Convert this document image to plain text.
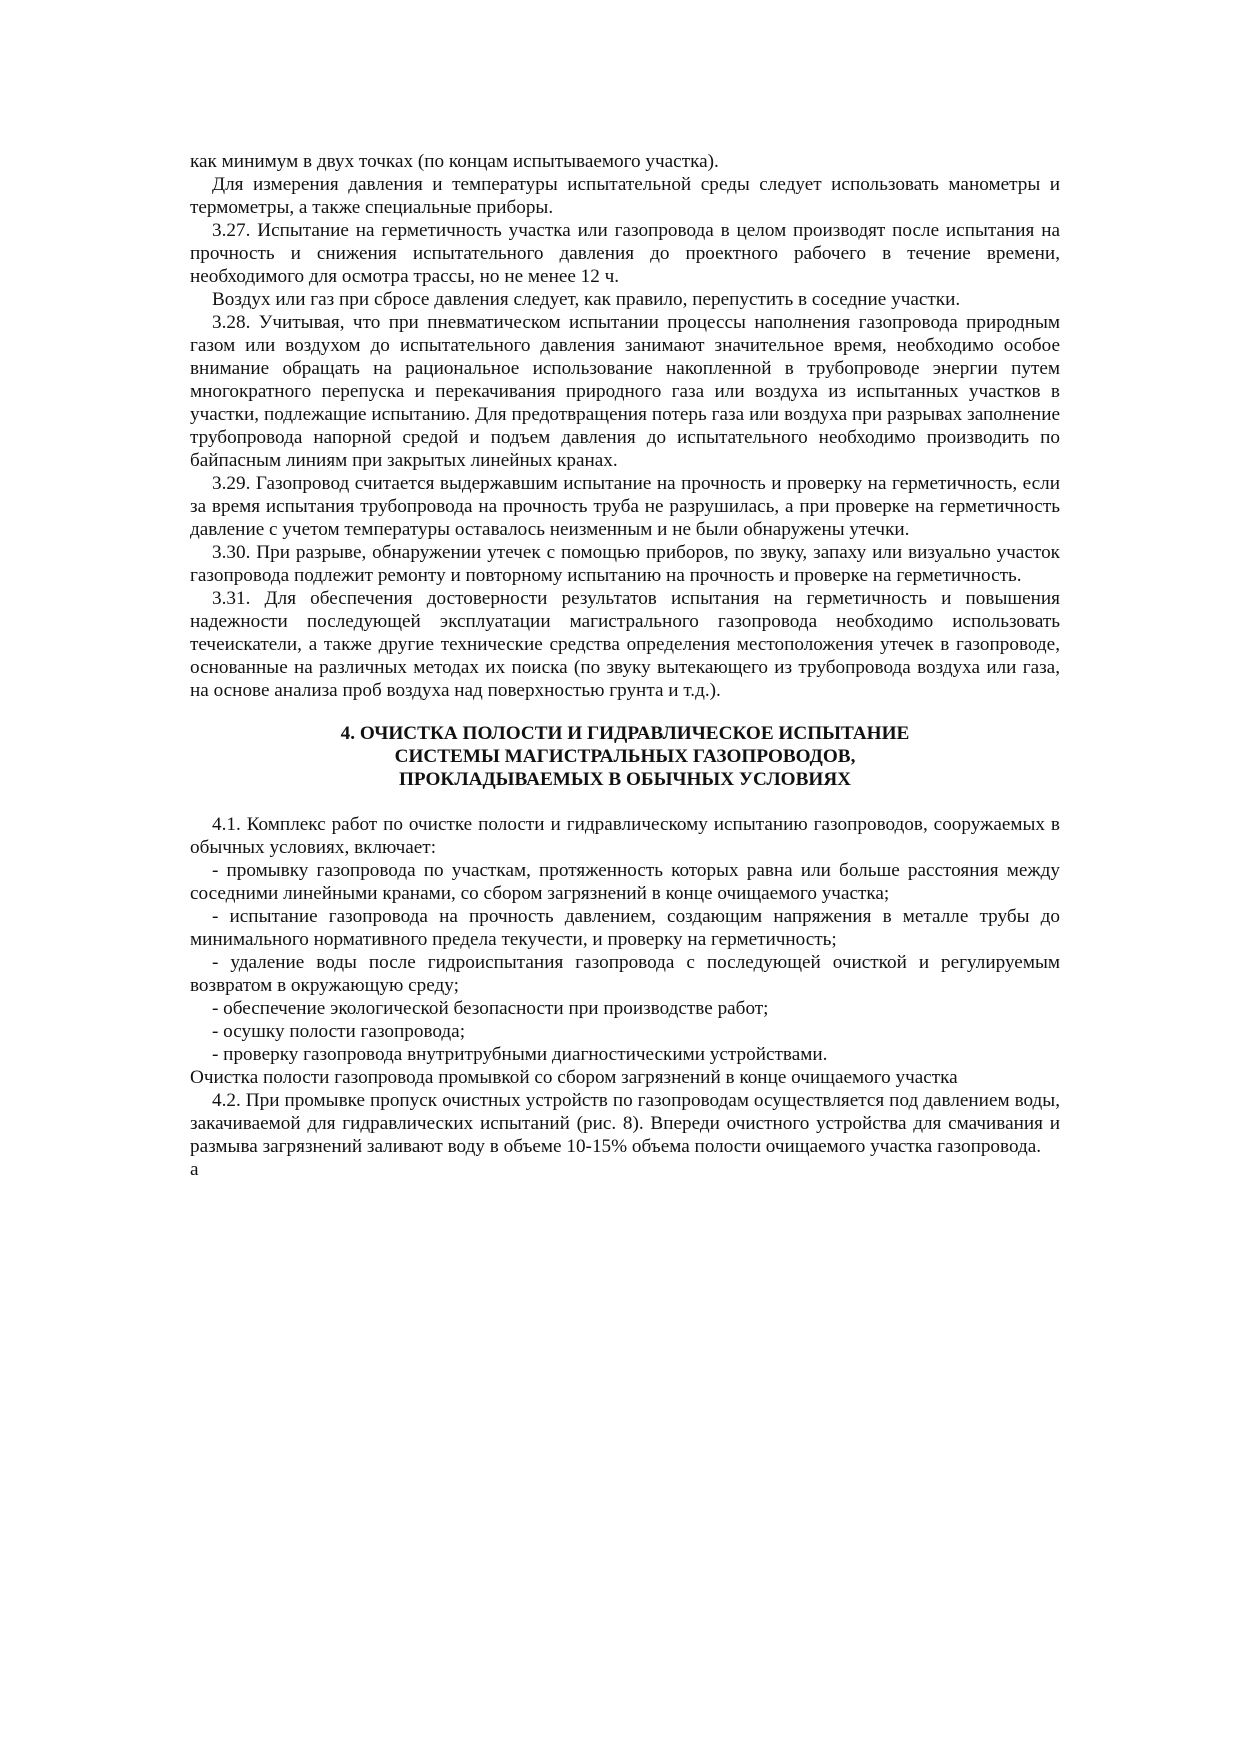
как минимум в двух точках (по концам испытываемого участка).

Для измерения давления и температуры испытательной среды следует использовать манометры и термометры, а также специальные приборы.

3.27. Испытание на герметичность участка или газопровода в целом производят после испытания на прочность и снижения испытательного давления до проектного рабочего в течение времени, необходимого для осмотра трассы, но не менее 12 ч.

Воздух или газ при сбросе давления следует, как правило, перепустить в соседние участки.

3.28. Учитывая, что при пневматическом испытании процессы наполнения газопровода природным газом или воздухом до испытательного давления занимают значительное время, необходимо особое внимание обращать на рациональное использование накопленной в трубопроводе энергии путем многократного перепуска и перекачивания природного газа или воздуха из испытанных участков в участки, подлежащие испытанию. Для предотвращения потерь газа или воздуха при разрывах заполнение трубопровода напорной средой и подъем давления до испытательного необходимо производить по байпасным линиям при закрытых линейных кранах.

3.29. Газопровод считается выдержавшим испытание на прочность и проверку на герметичность, если за время испытания трубопровода на прочность труба не разрушилась, а при проверке на герметичность давление с учетом температуры оставалось неизменным и не были обнаружены утечки.

3.30. При разрыве, обнаружении утечек с помощью приборов, по звуку, запаху или визуально участок газопровода подлежит ремонту и повторному испытанию на прочность и проверке на герметичность.

3.31. Для обеспечения достоверности результатов испытания на герметичность и повышения надежности последующей эксплуатации магистрального газопровода необходимо использовать течеискатели, а также другие технические средства определения местоположения утечек в газопроводе, основанные на различных методах их поиска (по звуку вытекающего из трубопровода воздуха или газа, на основе анализа проб воздуха над поверхностью грунта и т.д.).

4. ОЧИСТКА ПОЛОСТИ И ГИДРАВЛИЧЕСКОЕ ИСПЫТАНИЕ
СИСТЕМЫ МАГИСТРАЛЬНЫХ ГАЗОПРОВОДОВ,
ПРОКЛАДЫВАЕМЫХ В ОБЫЧНЫХ УСЛОВИЯХ

4.1. Комплекс работ по очистке полости и гидравлическому испытанию газопроводов, сооружаемых в обычных условиях, включает:

- промывку газопровода по участкам, протяженность которых равна или больше расстояния между соседними линейными кранами, со сбором загрязнений в конце очищаемого участка;

- испытание газопровода на прочность давлением, создающим напряжения в металле трубы до минимального нормативного предела текучести, и проверку на герметичность;

- удаление воды после гидроиспытания газопровода с последующей очисткой и регулируемым возвратом в окружающую среду;

- обеспечение экологической безопасности при производстве работ;

- осушку полости газопровода;

- проверку газопровода внутритрубными диагностическими устройствами.

Очистка полости газопровода промывкой со сбором загрязнений в конце очищаемого участка

4.2. При промывке пропуск очистных устройств по газопроводам осуществляется под давлением воды, закачиваемой для гидравлических испытаний (рис. 8). Впереди очистного устройства для смачивания и размыва загрязнений заливают воду в объеме 10-15% объема полости очищаемого участка газопровода.

а
